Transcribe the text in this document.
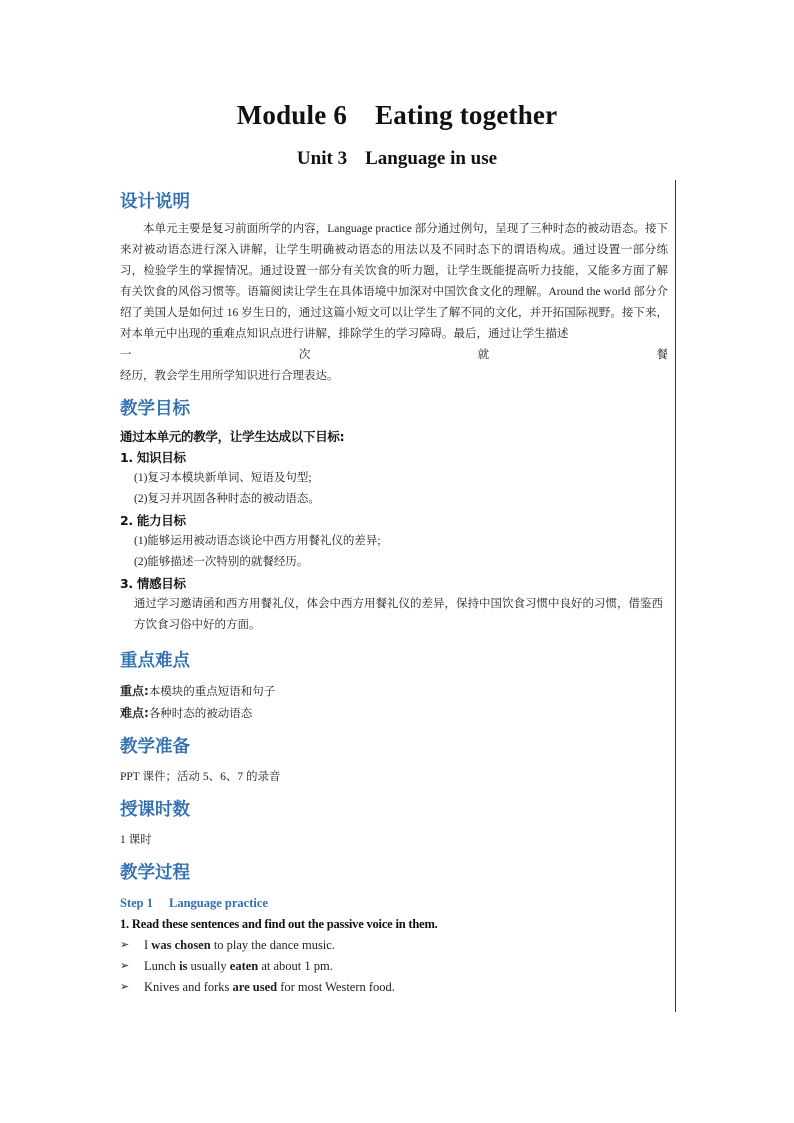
Module 6 Eating together
Unit 3 Language in use
设计说明
本单元主要是复习前面所学的内容，Language practice 部分通过例句，呈现了三种时态的被动语态。接下来对被动语态进行深入讲解，让学生明确被动语态的用法以及不同时态下的谓语构成。通过设置一部分练习，检验学生的掌握情况。通过设置一部分有关饮食的听力题，让学生既能提高听力技能，又能多方面了解有关饮食的风俗习惯等。语篇阅读让学生在具体语境中加深对中国饮食文化的理解。Around the world 部分介绍了美国人是如何过 16 岁生日的，通过这篇小短文可以让学生了解不同的文化，并开拓国际视野。接下来，对本单元中出现的重难点知识点进行讲解，排除学生的学习障碍。最后，通过让学生描述
一	次	就	餐
经历，教会学生用所学知识进行合理表达。
教学目标
通过本单元的教学，让学生达成以下目标:
1. 知识目标
(1)复习本模块新单词、短语及句型;
(2)复习并巩固各种时态的被动语态。
2. 能力目标
(1)能够运用被动语态谈论中西方用餐礼仪的差异;
(2)能够描述一次特别的就餐经历。
3. 情感目标
通过学习邀请函和西方用餐礼仪，体会中西方用餐礼仪的差异，保持中国饮食习惯中良好的习惯，借鉴西方饮食习俗中好的方面。
重点难点
重点:本模块的重点短语和句子
难点:各种时态的被动语态
教学准备
PPT 课件；活动 5、6、7 的录音
授课时数
1 课时
教学过程
Step 1 Language practice
1. Read these sentences and find out the passive voice in them.
➢ I was chosen to play the dance music.
➢ Lunch is usually eaten at about 1 pm.
➢ Knives and forks are used for most Western food.
